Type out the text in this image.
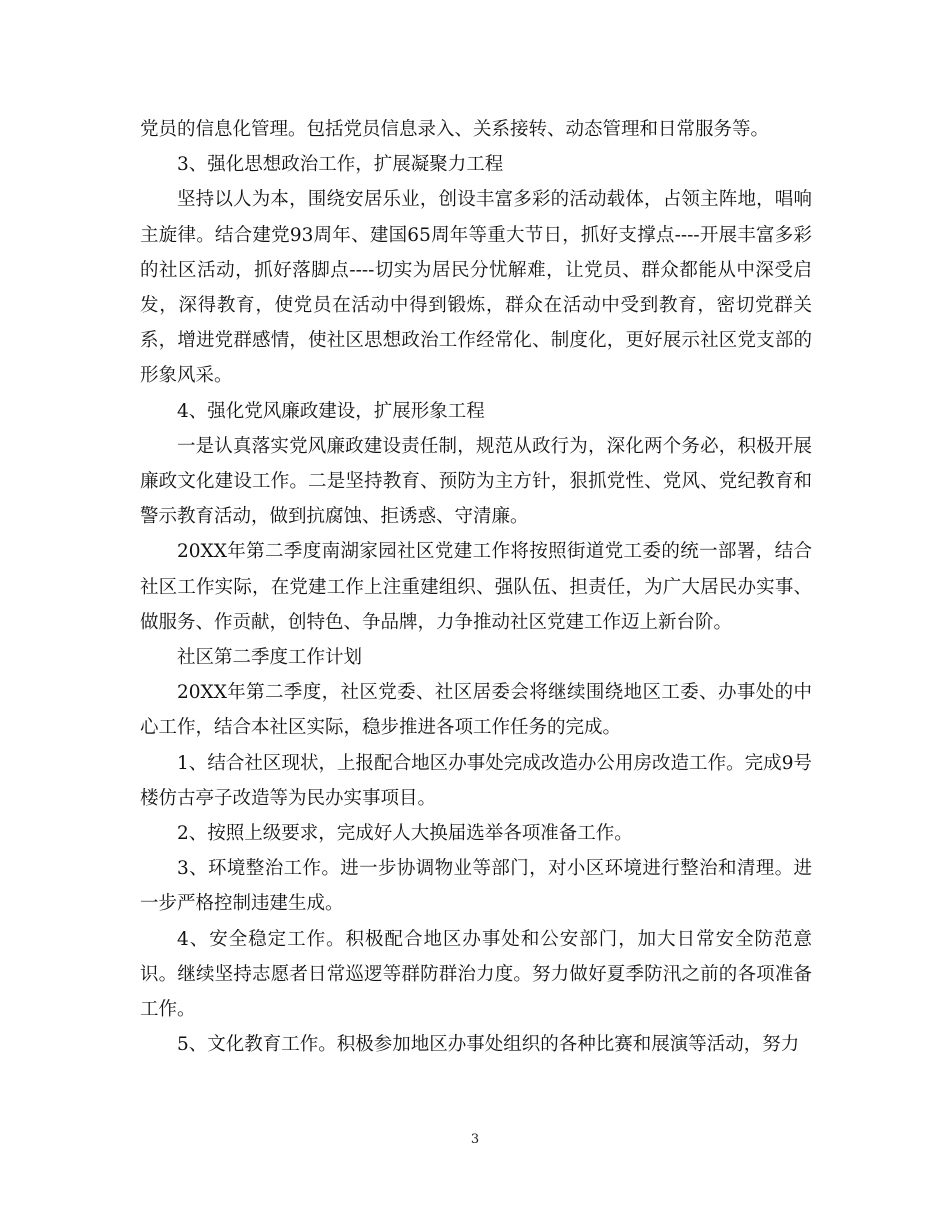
党员的信息化管理。包括党员信息录入、关系接转、动态管理和日常服务等。

3、强化思想政治工作，扩展凝聚力工程

坚持以人为本，围绕安居乐业，创设丰富多彩的活动载体，占领主阵地，唱响主旋律。结合建党93周年、建国65周年等重大节日，抓好支撑点----开展丰富多彩的社区活动，抓好落脚点----切实为居民分忧解难，让党员、群众都能从中深受启发，深得教育，使党员在活动中得到锻炼，群众在活动中受到教育，密切党群关系，增进党群感情，使社区思想政治工作经常化、制度化，更好展示社区党支部的形象风采。

4、强化党风廉政建设，扩展形象工程

一是认真落实党风廉政建设责任制，规范从政行为，深化两个务必，积极开展廉政文化建设工作。二是坚持教育、预防为主方针，狠抓党性、党风、党纪教育和警示教育活动，做到抗腐蚀、拒诱惑、守清廉。

20XX年第二季度南湖家园社区党建工作将按照街道党工委的统一部署，结合社区工作实际，在党建工作上注重建组织、强队伍、担责任，为广大居民办实事、做服务、作贡献，创特色、争品牌，力争推动社区党建工作迈上新台阶。

社区第二季度工作计划

20XX年第二季度，社区党委、社区居委会将继续围绕地区工委、办事处的中心工作，结合本社区实际，稳步推进各项工作任务的完成。

1、结合社区现状，上报配合地区办事处完成改造办公用房改造工作。完成9号楼仿古亭子改造等为民办实事项目。

2、按照上级要求，完成好人大换届选举各项准备工作。

3、环境整治工作。进一步协调物业等部门，对小区环境进行整治和清理。进一步严格控制违建生成。

4、安全稳定工作。积极配合地区办事处和公安部门，加大日常安全防范意识。继续坚持志愿者日常巡逻等群防群治力度。努力做好夏季防汛之前的各项准备工作。

5、文化教育工作。积极参加地区办事处组织的各种比赛和展演等活动，努力

3
